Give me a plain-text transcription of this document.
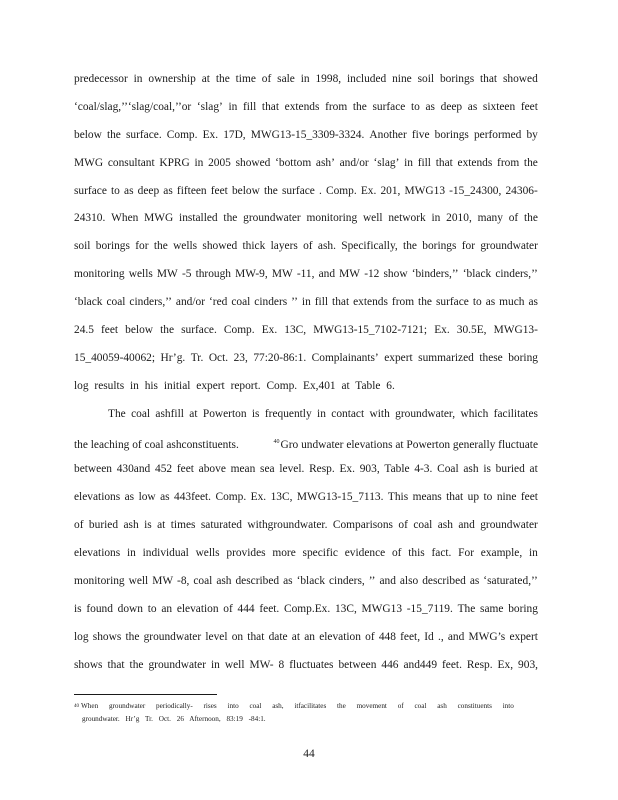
predecessor in ownership at the time of sale in 1998, included nine soil borings that showed
‘coal/slag,’’‘slag/coal,’’or ‘slag’ in fill that extends from the surface to as deep as sixteen feet
below the surface. Comp. Ex. 17D, MWG13-15_3309-3324. Another five borings performed by
MWG consultant KPRG in 2005 showed ‘bottom ash’ and/or ‘slag’ in fill that extends from the
surface to as deep as fifteen feet below the surface . Comp. Ex. 201, MWG13 -15_24300, 24306-
24310. When MWG installed the groundwater monitoring well network in 2010, many of the
soil borings for the wells showed thick layers of ash. Specifically, the borings for groundwater
monitoring wells MW -5 through MW-9, MW -11, and MW -12 show ‘binders,’’ ‘black cinders,’’
‘black coal cinders,’’ and/or ‘red coal cinders ’’ in fill that extends from the surface to as much as
24.5 feet below the surface. Comp. Ex. 13C, MWG13-15_7102-7121; Ex. 30.5E, MWG13-
15_40059-40062; Hr’g. Tr. Oct. 23, 77:20-86:1. Complainants’ expert summarized these boring
log results in his initial expert report. Comp. Ex,401 at Table 6.
The coal ashfill at Powerton is frequently in contact with groundwater, which facilitates
the leaching of coal ashconstituents.	$^{40}$Gro undwater elevations at Powerton generally fluctuate
between 430and 452 feet above mean sea level. Resp. Ex. 903, Table 4-3. Coal ash is buried at
elevations as low as 443feet. Comp. Ex. 13C, MWG13-15_7113. This means that up to nine feet
of buried ash is at times saturated withgroundwater. Comparisons of coal ash and groundwater
elevations in individual wells provides more specific evidence of this fact. For example, in
monitoring well MW -8, coal ash described as ‘black cinders, ’’ and also described as ‘saturated,’’
is found down to an elevation of 444 feet. Comp.Ex. 13C, MWG13 -15_7119. The same boring
log shows the groundwater level on that date at an elevation of 448 feet, Id ., and MWG’s expert
shows that the groundwater in well MW- 8 fluctuates between 446 and449 feet. Resp. Ex, 903,
$^{40}$ When groundwater periodically- rises into coal ash, itfacilitates the movement of coal ash constituents into
groundwater. Hr’g Tr. Oct. 26 Afternoon, 83:19 -84:1.
44
